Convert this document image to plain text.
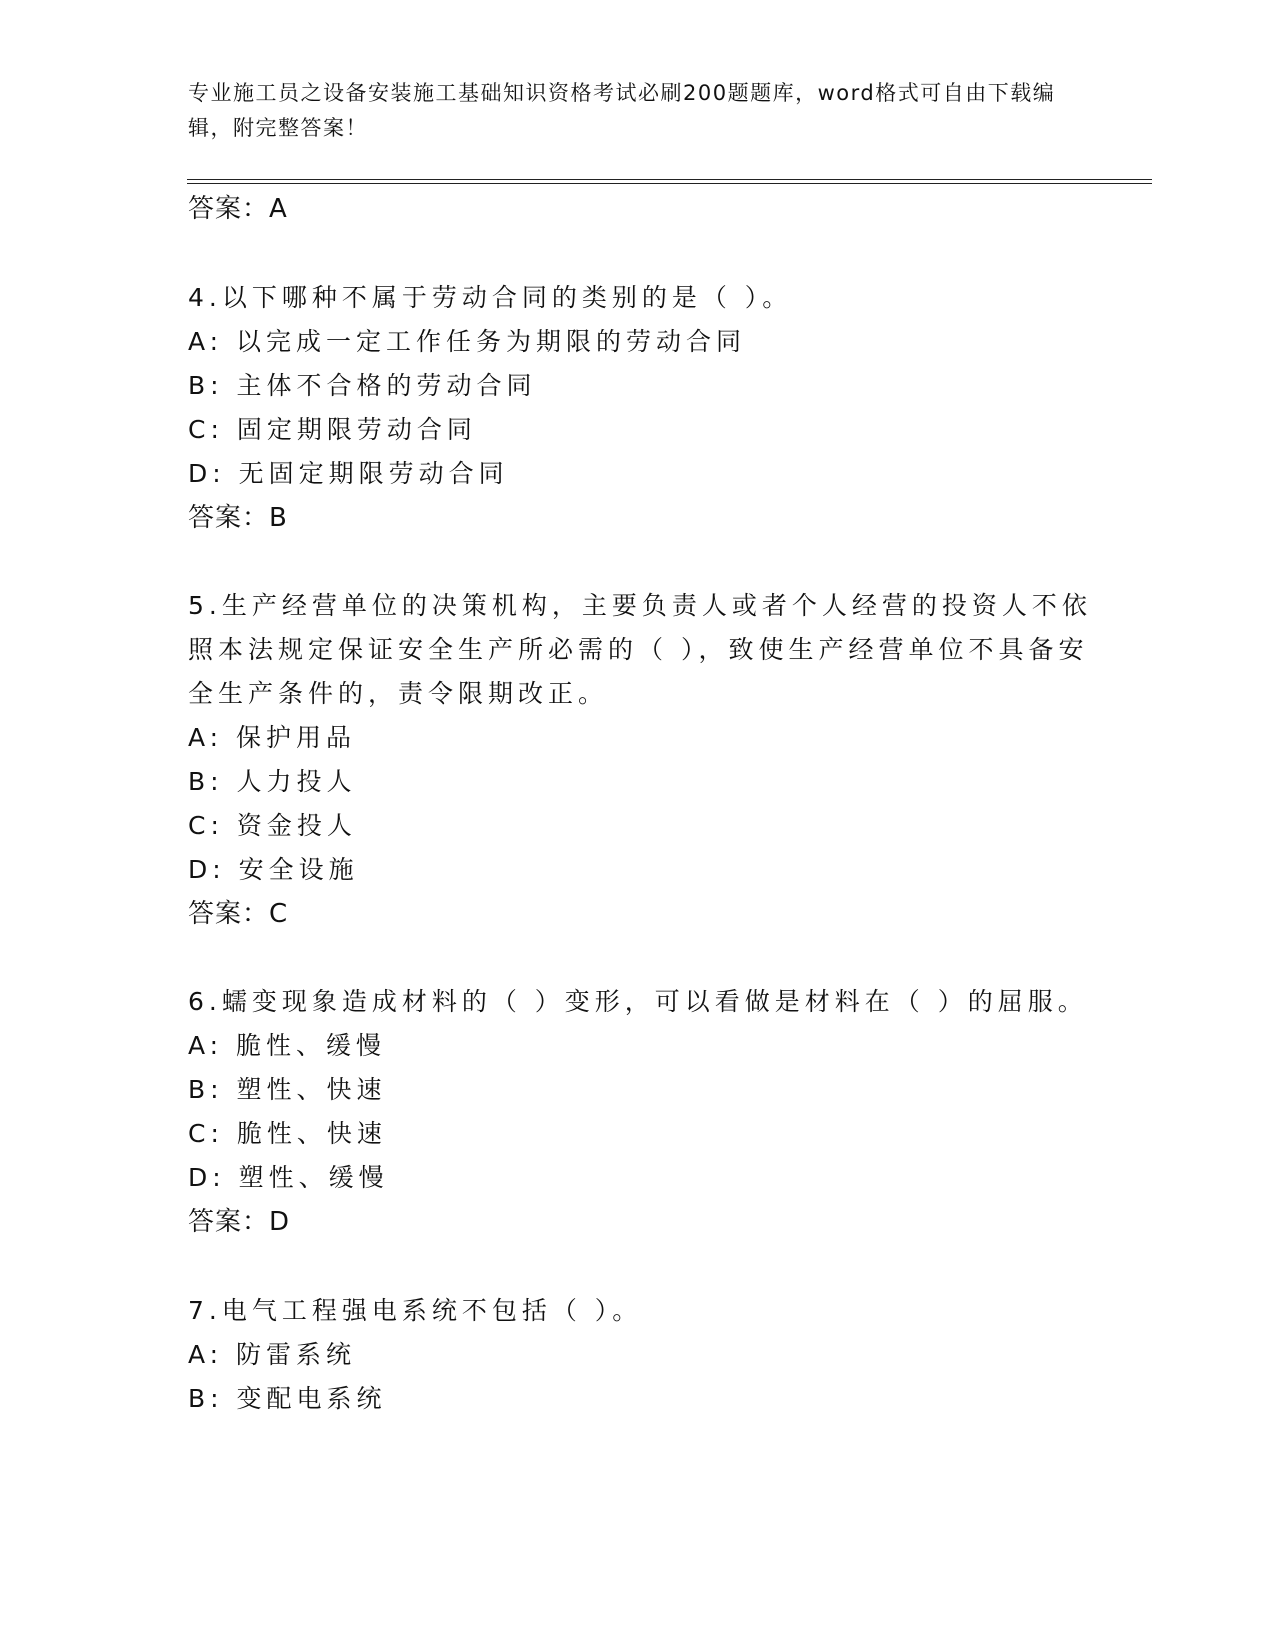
专业施工员之设备安装施工基础知识资格考试必刷200题题库，word格式可自由下载编辑，附完整答案！
答案：A
4.以下哪种不属于劳动合同的类别的是（ ）。
A: 以完成一定工作任务为期限的劳动合同
B: 主体不合格的劳动合同
C: 固定期限劳动合同
D: 无固定期限劳动合同
答案：B
5.生产经营单位的决策机构，主要负责人或者个人经营的投资人不依
照本法规定保证安全生产所必需的（ ），致使生产经营单位不具备安
全生产条件的，责令限期改正。
A: 保护用品
B: 人力投人
C: 资金投人
D: 安全设施
答案：C
6.蠕变现象造成材料的（ ）变形，可以看做是材料在（ ）的屈服。
A: 脆性、缓慢
B: 塑性、快速
C: 脆性、快速
D: 塑性、缓慢
答案：D
7.电气工程强电系统不包括（ ）。
A: 防雷系统
B: 变配电系统
